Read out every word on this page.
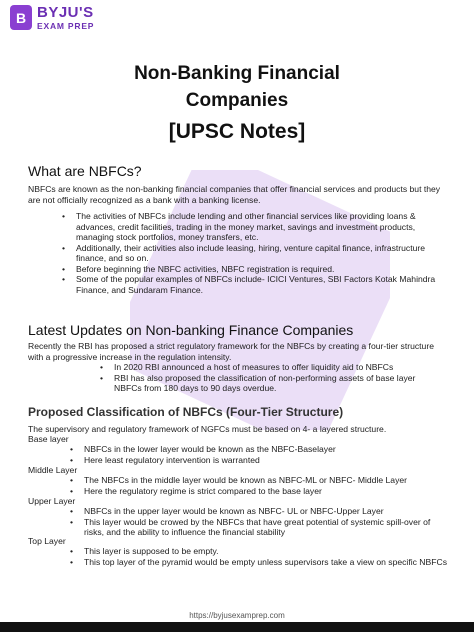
B BYJU'S
EXAM PREP
Non-Banking Financial
Companies
[UPSC Notes]
What are NBFCs?

NBFCs are known as the non-banking financial companies that offer financial services and products but they are not officially recognized as a bank with a banking license.

• The activities of NBFCs include lending and other financial services like providing loans & advances, credit facilities, trading in the money market, savings and investment products, managing stock portfolios, money transfers, etc.
• Additionally, their activities also include leasing, hiring, venture capital finance, infrastructure finance, and so on.
• Before beginning the NBFC activities, NBFC registration is required.
• Some of the popular examples of NBFCs include- ICICI Ventures, SBI Factors Kotak Mahindra Finance, and Sundaram Finance.
Latest Updates on Non-banking Finance Companies

Recently the RBI has proposed a strict regulatory framework for the NBFCs by creating a four-tier structure with a progressive increase in the regulation intensity.

• In 2020 RBI announced a host of measures to offer liquidity aid to NBFCs
• RBI has also proposed the classification of non-performing assets of base layer NBFCs from 180 days to 90 days overdue.
Proposed Classification of NBFCs (Four-Tier Structure)

The supervisory and regulatory framework of NGFCs must be based on 4- a layered structure.

Base layer

• NBFCs in the lower layer would be known as the NBFC-Baselayer
• Here least regulatory intervention is warranted

Middle Layer

• The NBFCs in the middle layer would be known as NBFC-ML or NBFC- Middle Layer
• Here the regulatory regime is strict compared to the base layer

Upper Layer

• NBFCs in the upper layer would be known as NBFC- UL or NBFC-Upper Layer
• This layer would be crowed by the NBFCs that have great potential of systemic spill-over of risks, and the ability to influence the financial stability

Top Layer

• This layer is supposed to be empty.
• This top layer of the pyramid would be empty unless supervisors take a view on specific NBFCs
https://byjusexamprep.com
